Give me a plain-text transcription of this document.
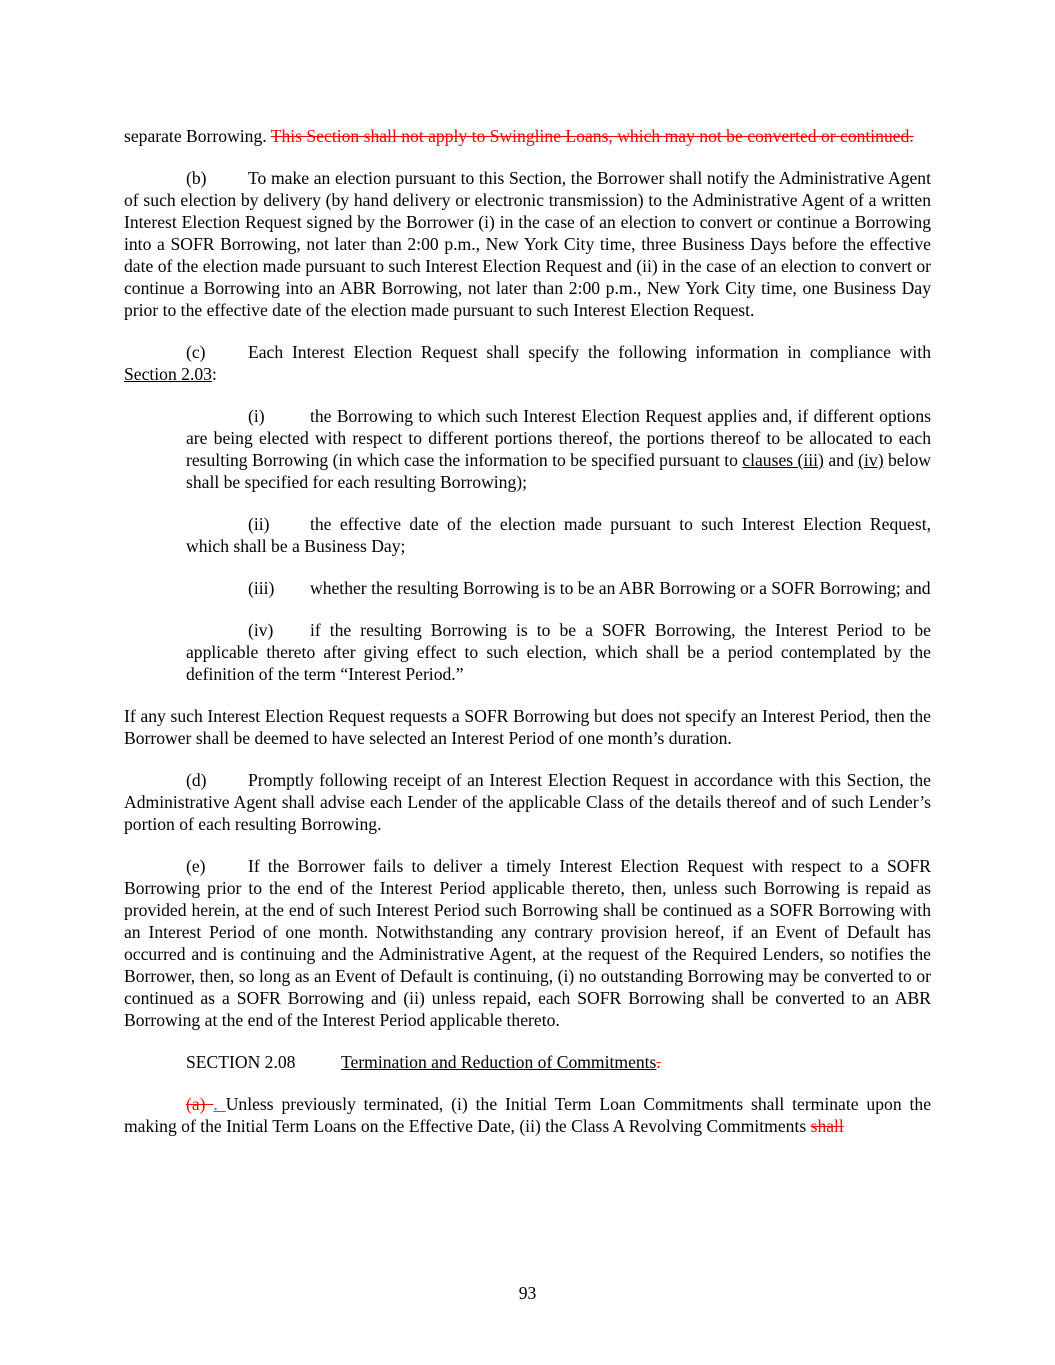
separate Borrowing. This Section shall not apply to Swingline Loans, which may not be converted or continued.

(b) To make an election pursuant to this Section, the Borrower shall notify the Administrative Agent of such election by delivery (by hand delivery or electronic transmission) to the Administrative Agent of a written Interest Election Request signed by the Borrower (i) in the case of an election to convert or continue a Borrowing into a SOFR Borrowing, not later than 2:00 p.m., New York City time, three Business Days before the effective date of the election made pursuant to such Interest Election Request and (ii) in the case of an election to convert or continue a Borrowing into an ABR Borrowing, not later than 2:00 p.m., New York City time, one Business Day prior to the effective date of the election made pursuant to such Interest Election Request.

(c) Each Interest Election Request shall specify the following information in compliance with Section 2.03:

(i)	the Borrowing to which such Interest Election Request applies and, if different options are being elected with respect to different portions thereof, the portions thereof to be allocated to each resulting Borrowing (in which case the information to be specified pursuant to clauses (iii) and (iv) below shall be specified for each resulting Borrowing);

(ii) the effective date of the election made pursuant to such Interest Election Request, which shall be a Business Day;

(iii) whether the resulting Borrowing is to be an ABR Borrowing or a SOFR Borrowing; and

(iv) if the resulting Borrowing is to be a SOFR Borrowing, the Interest Period to be applicable thereto after giving effect to such election, which shall be a period contemplated by the definition of the term “Interest Period.”

If any such Interest Election Request requests a SOFR Borrowing but does not specify an Interest Period, then the Borrower shall be deemed to have selected an Interest Period of one month’s duration.

(d) Promptly following receipt of an Interest Election Request in accordance with this Section, the Administrative Agent shall advise each Lender of the applicable Class of the details thereof and of such Lender’s portion of each resulting Borrowing.

(e) If the Borrower fails to deliver a timely Interest Election Request with respect to a SOFR Borrowing prior to the end of the Interest Period applicable thereto, then, unless such Borrowing is repaid as provided herein, at the end of such Interest Period such Borrowing shall be continued as a SOFR Borrowing with an Interest Period of one month. Notwithstanding any contrary provision hereof, if an Event of Default has occurred and is continuing and the Administrative Agent, at the request of the Required Lenders, so notifies the Borrower, then, so long as an Event of Default is continuing, (i) no outstanding Borrowing may be converted to or continued as a SOFR Borrowing and (ii) unless repaid, each SOFR Borrowing shall be converted to an ABR Borrowing at the end of the Interest Period applicable thereto.

SECTION 2.08	Termination and Reduction of Commitments.

(a) . Unless previously terminated, (i) the Initial Term Loan Commitments shall terminate upon the making of the Initial Term Loans on the Effective Date, (ii) the Class A Revolving Commitments shall

93
